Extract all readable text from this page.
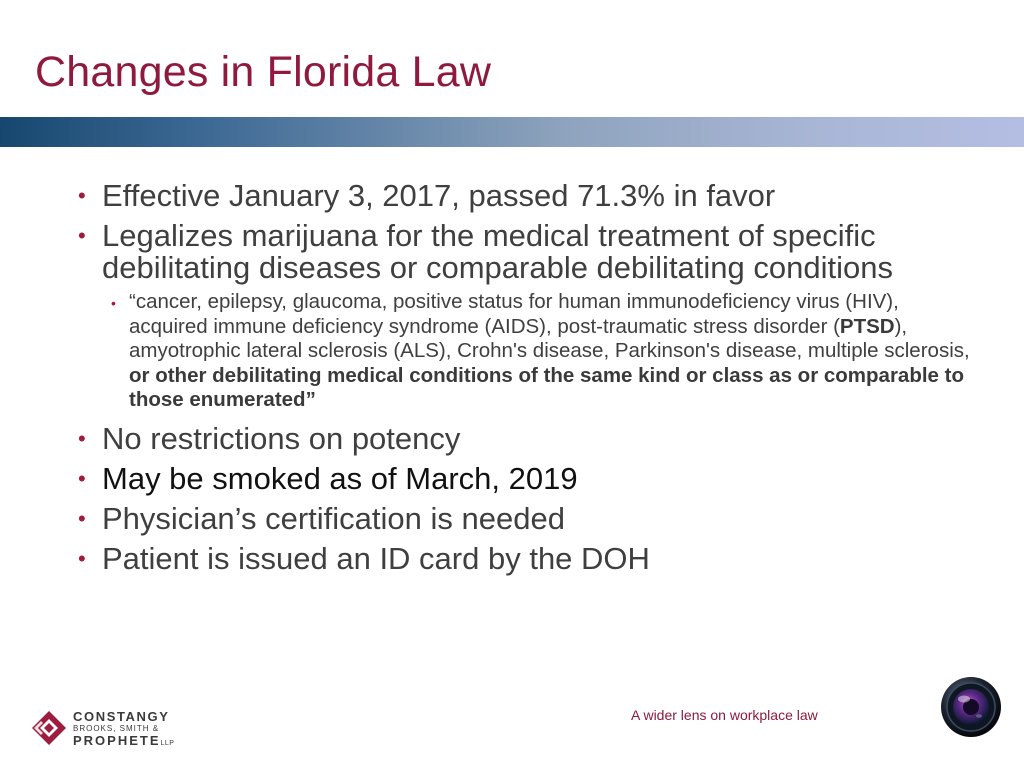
Changes in Florida Law
• Effective January 3, 2017, passed 71.3% in favor
• Legalizes marijuana for the medical treatment of specific debilitating diseases or comparable debilitating conditions
• “cancer, epilepsy, glaucoma, positive status for human immunodeficiency virus (HIV), acquired immune deficiency syndrome (AIDS), post-traumatic stress disorder (PTSD), amyotrophic lateral sclerosis (ALS), Crohn's disease, Parkinson's disease, multiple sclerosis, or other debilitating medical conditions of the same kind or class as or comparable to those enumerated”
• No restrictions on potency
• May be smoked as of March, 2019
• Physician’s certification is needed
• Patient is issued an ID card by the DOH
CONSTANGY
BROOKS, SMITH &
PROPHETELLP
A wider lens on workplace law
